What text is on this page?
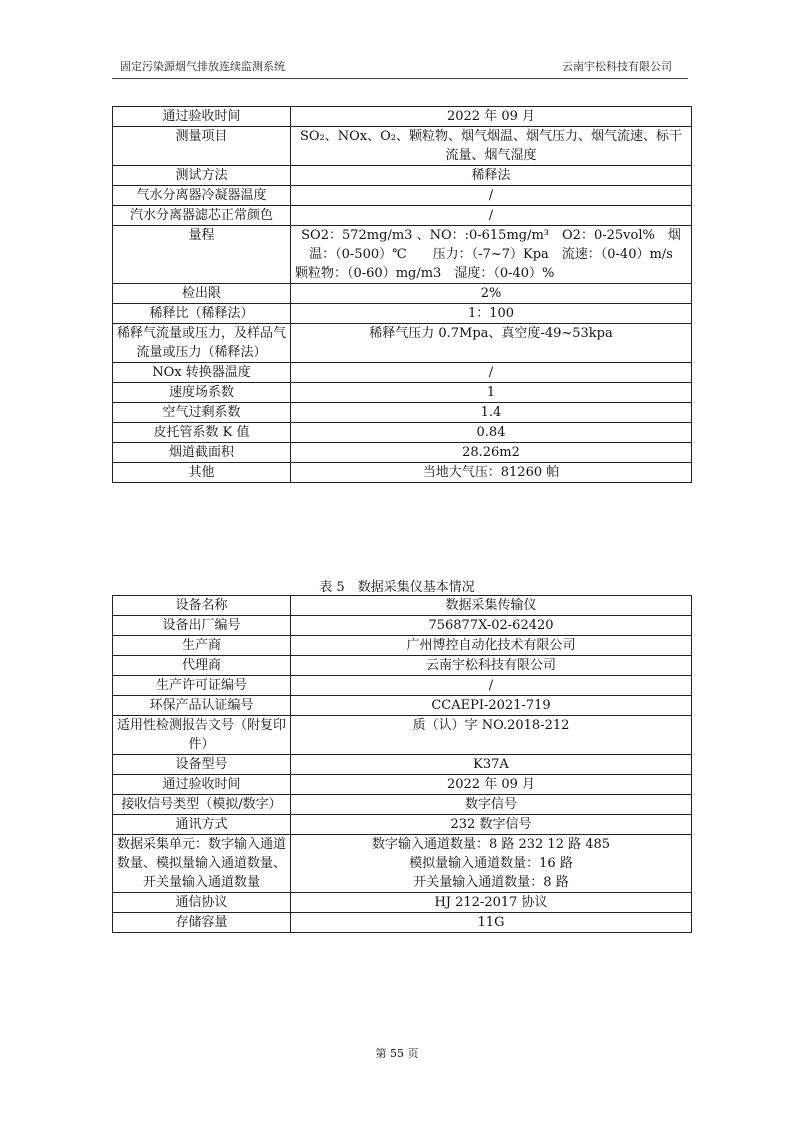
固定污染源烟气排放连续监测系统	云南宇松科技有限公司
通过验收时间	2022 年 09 月
测量项目	SO₂、NOx、O₂、颗粒物、烟气烟温、烟气压力、烟气流速、标干流量、烟气湿度
测试方法	稀释法
气水分离器冷凝器温度	/
汽水分离器滤芯正常颜色	/
量程	SO2：572mg/m3 、NO：:0-615mg/m³　O2：0-25vol%　烟温：（0-500）℃　　压力：（-7~7）Kpa　流速：（0-40）m/s　　颗粒物：（0-60）mg/m3　湿度：（0-40）%
检出限	2%
稀释比（稀释法）	1：100
稀释气流量或压力，及样品气流量或压力（稀释法）	稀释气压力 0.7Mpa、真空度-49~53kpa
NOx 转换器温度	/
速度场系数	1
空气过剩系数	1.4
皮托管系数 K 值	0.84
烟道截面积	28.26m2
其他	当地大气压：81260 帕
表 5　数据采集仪基本情况
设备名称	数据采集传输仪
设备出厂编号	756877X-02-62420
生产商	广州博控自动化技术有限公司
代理商	云南宇松科技有限公司
生产许可证编号	/
环保产品认证编号	CCAEPI-2021-719
适用性检测报告文号（附复印件）	质（认）字 NO.2018-212
设备型号	K37A
通过验收时间	2022 年 09 月
接收信号类型（模拟/数字）	数字信号
通讯方式	232 数字信号
数据采集单元：数字输入通道数量、模拟量输入通道数量、开关量输入通道数量	数字输入通道数量：8 路 232 12 路 485
模拟量输入通道数量：16 路
开关量输入通道数量：8 路

通信协议	HJ 212-2017 协议
存储容量	11G
第 55 页
